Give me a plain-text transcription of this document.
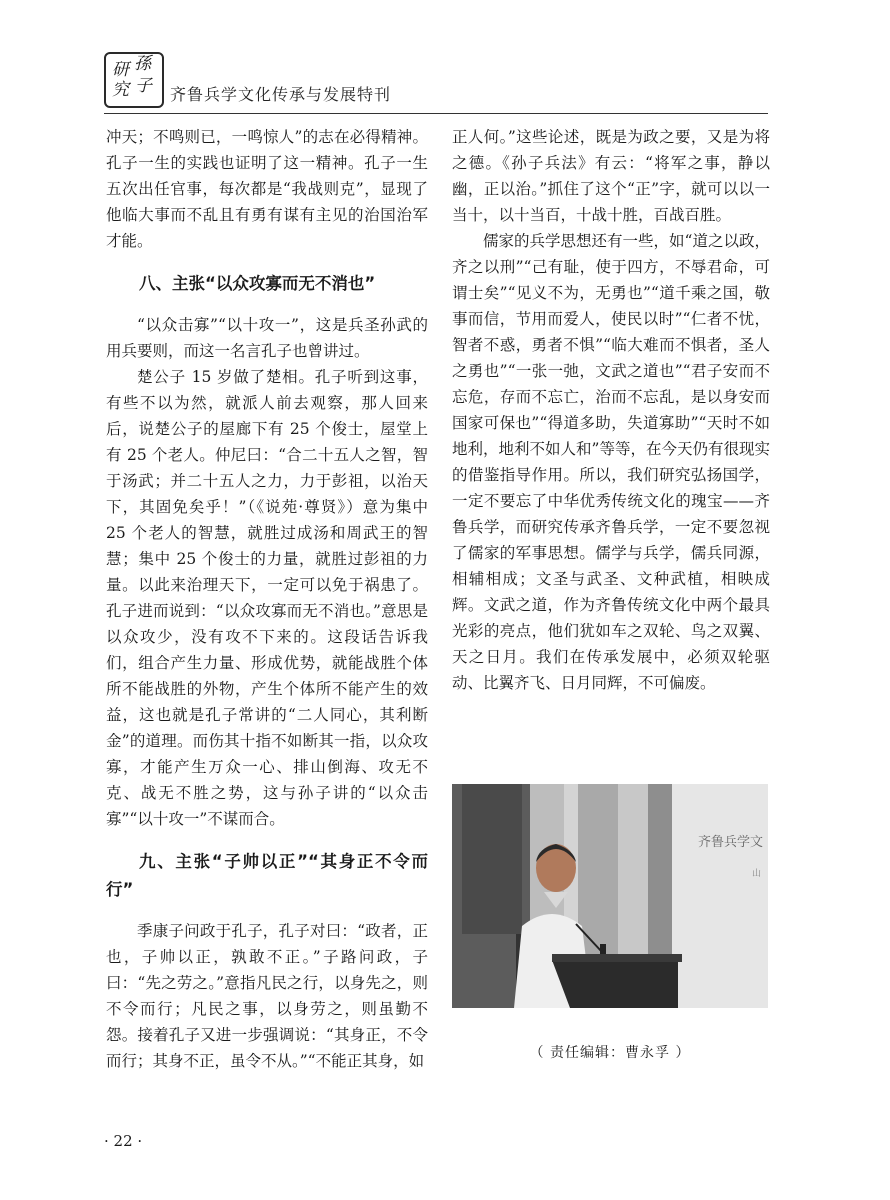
研 孫
究 子 齐鲁兵学文化传承与发展特刊

冲天；不鸣则已，一鸣惊人”的志在必得精神。孔子一生的实践也证明了这一精神。孔子一生五次出任官事，每次都是“我战则克”，显现了他临大事而不乱且有勇有谋有主见的治国治军才能。

八、主张“以众攻寡而无不消也”

“以众击寡”“以十攻一”，这是兵圣孙武的用兵要则，而这一名言孔子也曾讲过。

楚公子 15 岁做了楚相。孔子听到这事，有些不以为然，就派人前去观察，那人回来后，说楚公子的屋廊下有 25 个俊士，屋堂上有 25 个老人。仲尼曰：“合二十五人之智，智于汤武；并二十五人之力，力于彭祖，以治天下，其固免矣乎！”（《说苑·尊贤》）意为集中 25 个老人的智慧，就胜过成汤和周武王的智慧；集中 25 个俊士的力量，就胜过彭祖的力量。以此来治理天下，一定可以免于祸患了。孔子进而说到：“以众攻寡而无不消也。”意思是以众攻少，没有攻不下来的。这段话告诉我们，组合产生力量、形成优势，就能战胜个体所不能战胜的外物，产生个体所不能产生的效益，这也就是孔子常讲的“二人同心，其利断金”的道理。而伤其十指不如断其一指，以众攻寡，才能产生万众一心、排山倒海、攻无不克、战无不胜之势，这与孙子讲的“以众击寡”“以十攻一”不谋而合。

九、主张“子帅以正”“其身正不令而行”

季康子问政于孔子，孔子对曰：“政者，正也，子帅以正，孰敢不正。”子路问政，子曰：“先之劳之。”意指凡民之行，以身先之，则不令而行；凡民之事，以身劳之，则虽勤不怨。接着孔子又进一步强调说：“其身正，不令而行；其身不正，虽令不从。”“不能正其身，如

正人何。”这些论述，既是为政之要，又是为将之德。《孙子兵法》有云：“将军之事，静以幽，正以治。”抓住了这个“正”字，就可以以一当十，以十当百，十战十胜，百战百胜。

儒家的兵学思想还有一些，如“道之以政，齐之以刑”“己有耻，使于四方，不辱君命，可谓士矣”“见义不为，无勇也”“道千乘之国，敬事而信，节用而爱人，使民以时”“仁者不忧，智者不惑，勇者不惧”“临大难而不惧者，圣人之勇也”“一张一弛，文武之道也”“君子安而不忘危，存而不忘亡，治而不忘乱，是以身安而国家可保也”“得道多助，失道寡助”“天时不如地利，地利不如人和”等等，在今天仍有很现实的借鉴指导作用。所以，我们研究弘扬国学，一定不要忘了中华优秀传统文化的瑰宝——齐鲁兵学，而研究传承齐鲁兵学，一定不要忽视了儒家的军事思想。儒学与兵学，儒兵同源，相辅相成；文圣与武圣、文种武植，相映成辉。文武之道，作为齐鲁传统文化中两个最具光彩的亮点，他们犹如车之双轮、鸟之双翼、天之日月。我们在传承发展中，必须双轮驱动、比翼齐飞、日月同辉，不可偏废。

齐鲁兵学文
山
（ 责任编辑：曹永孚 ）
· 22 ·
